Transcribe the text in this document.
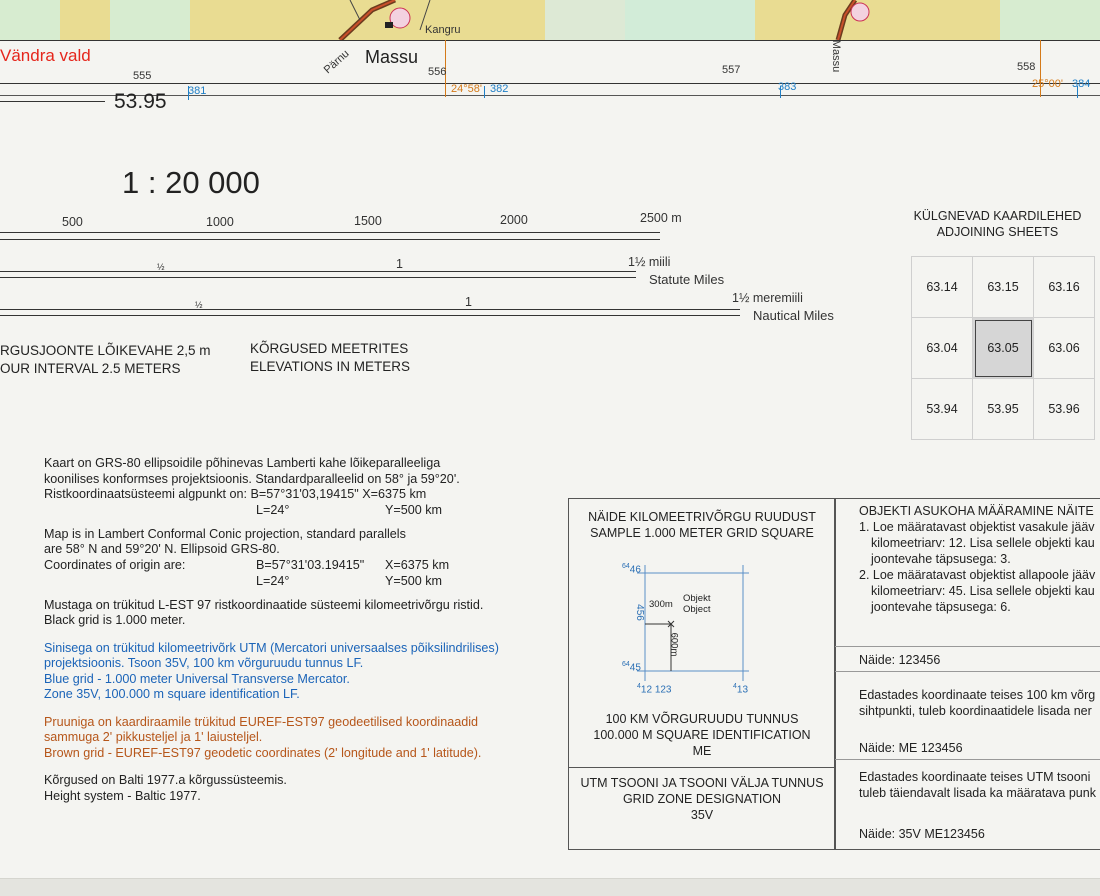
Kangru
Vändra vald	Pärnu Massu	Massu
555	556	557	558
381	24°58' 382	383	25°00' 384
53.95
1 : 20 000
500	1000	1500	2000	2500 m
½	1	1½ miili
Statute Miles
½	1	1½ meremiili
Nautical Miles
RGUSJOONTE LÕIKEVAHE 2,5 m
OUR INTERVAL 2.5 METERS
KÕRGUSED MEETRITES
ELEVATIONS IN METERS
KÜLGNEVAD KAARDILEHED
ADJOINING SHEETS
63.14	63.15	63.16
63.04	63.05	63.06
53.94	53.95	53.96
Kaart on GRS-80 ellipsoidile põhinevas Lamberti kahe lõikeparalleeliga
koonilises konformses projektsioonis. Standardparalleelid on 58° ja 59°20'.
Ristkoordinaatsüsteemi algpunkt on: B=57°31'03,19415" X=6375 km
L=24°	Y=500 km
Map is in Lambert Conformal Conic projection, standard parallels
are 58° N and 59°20' N. Ellipsoid GRS-80.
Coordinates of origin are:	B=57°31'03.19415" X=6375 km
L=24°	Y=500 km
Mustaga on trükitud L-EST 97 ristkoordinaatide süsteemi kilomeetrivõrgu ristid.
Black grid is 1.000 meter.
Sinisega on trükitud kilomeetrivõrk UTM (Mercatori universaalses põiksilindrilises)
projektsioonis. Tsoon 35V, 100 km võrguruudu tunnus LF.
Blue grid - 1.000 meter Universal Transverse Mercator.
Zone 35V, 100.000 m square identification LF.
Pruuniga on kaardiraamile trükitud EUREF-EST97 geodeetilised koordinaadid
sammuga 2' pikkusteljel ja 1' laiusteljel.
Brown grid - EUREF-EST97 geodetic coordinates (2' longitude and 1' latitude).
Kõrgused on Balti 1977.a kõrgussüsteemis.
Height system - Baltic 1977.
NÄIDE KILOMEETRIVÕRGU RUUDUST
SAMPLE 1.000 METER GRID SQUARE
$^{64}$46
$^{64}$45
456
$^4$12 123	$^4$13
Objekt
Object
300m
600m
100 KM VÕRGURUUDU TUNNUS
100.000 M SQUARE IDENTIFICATION
ME
UTM TSOONI JA TSOONI VÄLJA TUNNUS
GRID ZONE DESIGNATION
35V
OBJEKTI ASUKOHA MÄÄRAMINE NÄITE
1. Loe määratavast objektist vasakule jääv
kilomeetriarv: 12. Lisa sellele objekti kau
joontevahe täpsusega: 3.
2. Loe määratavast objektist allapoole jääv
kilomeetriarv: 45. Lisa sellele objekti kau
joontevahe täpsusega: 6.
Näide: 123456
Edastades koordinaate teises 100 km võrg
sihtpunkti, tuleb koordinaatidele lisada ner
Näide: ME 123456
Edastades koordinaate teises UTM tsooni
tuleb täiendavalt lisada ka määratava punk
Näide: 35V ME123456
